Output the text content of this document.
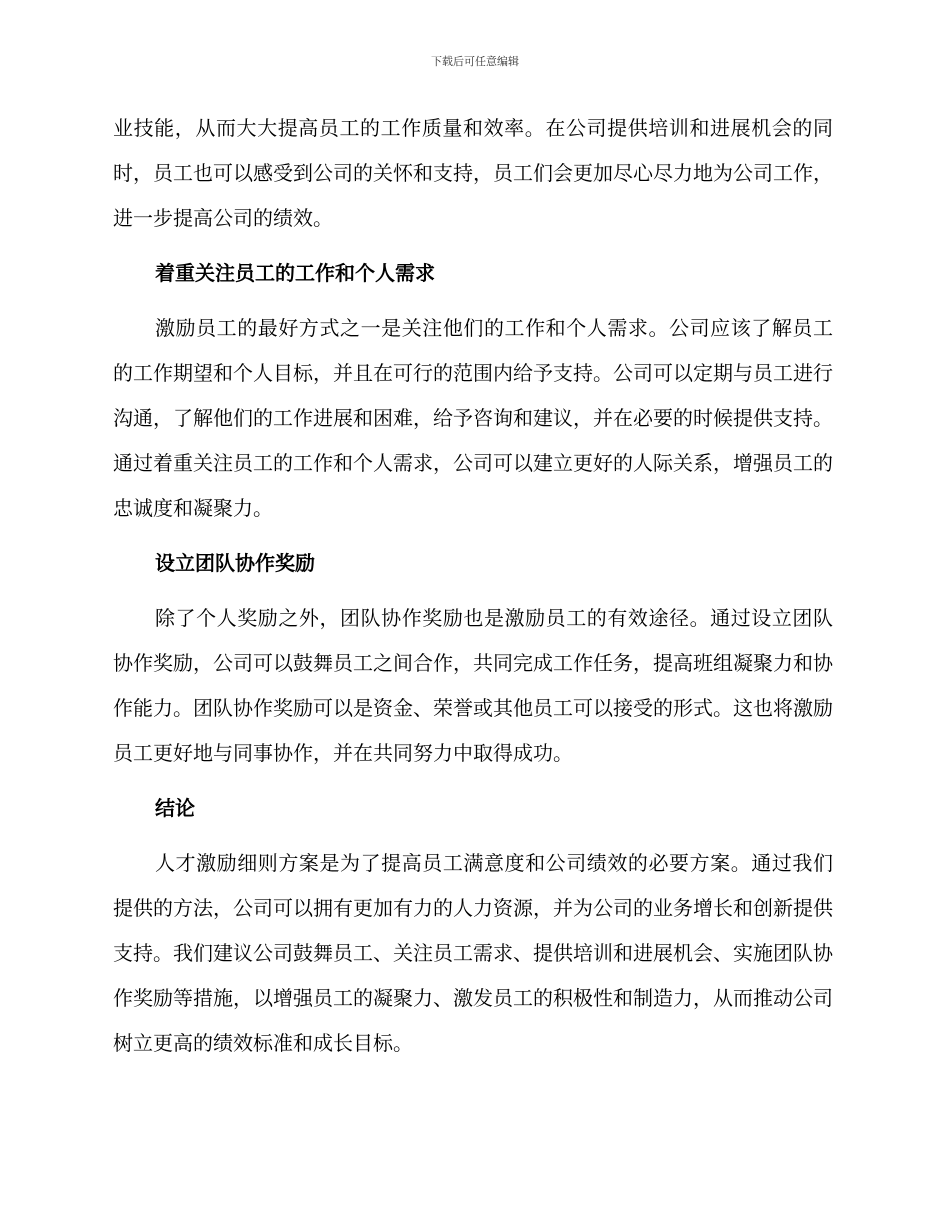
下载后可任意编辑

业技能，从而大大提高员工的工作质量和效率。在公司提供培训和进展机会的同时，员工也可以感受到公司的关怀和支持，员工们会更加尽心尽力地为公司工作，进一步提高公司的绩效。

着重关注员工的工作和个人需求

激励员工的最好方式之一是关注他们的工作和个人需求。公司应该了解员工的工作期望和个人目标，并且在可行的范围内给予支持。公司可以定期与员工进行沟通，了解他们的工作进展和困难，给予咨询和建议，并在必要的时候提供支持。通过着重关注员工的工作和个人需求，公司可以建立更好的人际关系，增强员工的忠诚度和凝聚力。

设立团队协作奖励

除了个人奖励之外，团队协作奖励也是激励员工的有效途径。通过设立团队协作奖励，公司可以鼓舞员工之间合作，共同完成工作任务，提高班组凝聚力和协作能力。团队协作奖励可以是资金、荣誉或其他员工可以接受的形式。这也将激励员工更好地与同事协作，并在共同努力中取得成功。

结论

人才激励细则方案是为了提高员工满意度和公司绩效的必要方案。通过我们提供的方法，公司可以拥有更加有力的人力资源，并为公司的业务增长和创新提供支持。我们建议公司鼓舞员工、关注员工需求、提供培训和进展机会、实施团队协作奖励等措施，以增强员工的凝聚力、激发员工的积极性和制造力，从而推动公司树立更高的绩效标准和成长目标。
